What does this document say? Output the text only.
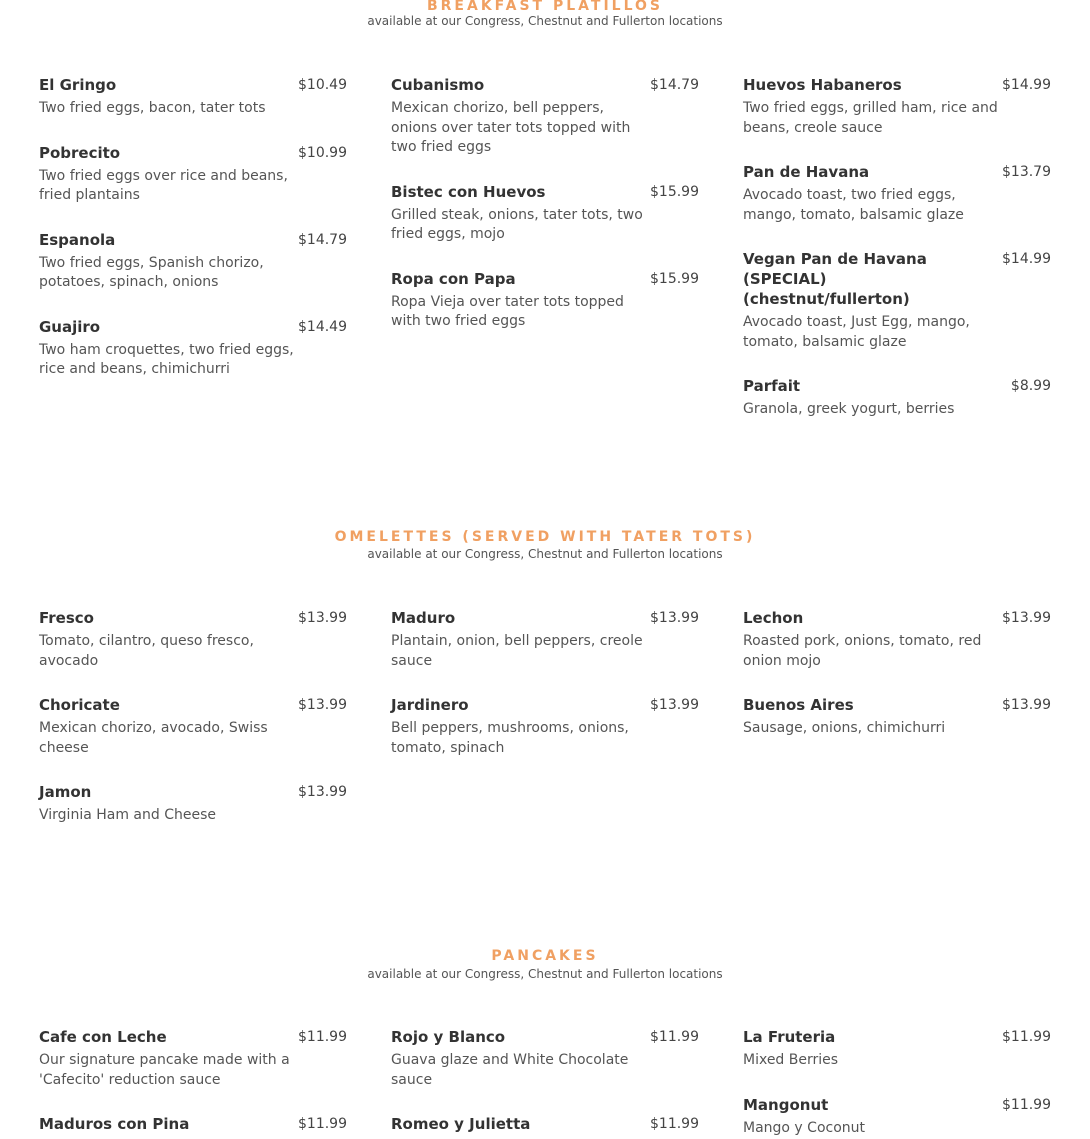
BREAKFAST PLATILLOS
available at our Congress, Chestnut and Fullerton locations
El Gringo	$10.49
Two fried eggs, bacon, tater tots
Pobrecito	$10.99
Two fried eggs over rice and beans, fried plantains
Espanola	$14.79
Two fried eggs, Spanish chorizo, potatoes, spinach, onions
Guajiro	$14.49
Two ham croquettes, two fried eggs, rice and beans, chimichurri
Cubanismo	$14.79
Mexican chorizo, bell peppers, onions over tater tots topped with two fried eggs
Bistec con Huevos	$15.99
Grilled steak, onions, tater tots, two fried eggs, mojo
Ropa con Papa	$15.99
Ropa Vieja over tater tots topped with two fried eggs
Huevos Habaneros	$14.99
Two fried eggs, grilled ham, rice and beans, creole sauce
Pan de Havana	$13.79
Avocado toast, two fried eggs, mango, tomato, balsamic glaze
Vegan Pan de Havana (SPECIAL) (chestnut/fullerton)
$14.99
Avocado toast, Just Egg, mango, tomato, balsamic glaze
Parfait	$8.99
Granola, greek yogurt, berries
OMELETTES (SERVED WITH TATER TOTS)
available at our Congress, Chestnut and Fullerton locations
Fresco	$13.99
Tomato, cilantro, queso fresco, avocado
Choricate	$13.99
Mexican chorizo, avocado, Swiss cheese
Jamon	$13.99
Virginia Ham and Cheese
Maduro	$13.99
Plantain, onion, bell peppers, creole sauce
Jardinero	$13.99
Bell peppers, mushrooms, onions, tomato, spinach
Lechon	$13.99
Roasted pork, onions, tomato, red onion mojo
Buenos Aires	$13.99
Sausage, onions, chimichurri
PANCAKES
available at our Congress, Chestnut and Fullerton locations
Cafe con Leche	$11.99
Our signature pancake made with a 'Cafecito' reduction sauce
Maduros con Pina	$11.99
Rojo y Blanco	$11.99
Guava glaze and White Chocolate sauce
Romeo y Julietta	$11.99
La Fruteria	$11.99
Mixed Berries
Mangonut	$11.99
Mango y Coconut
